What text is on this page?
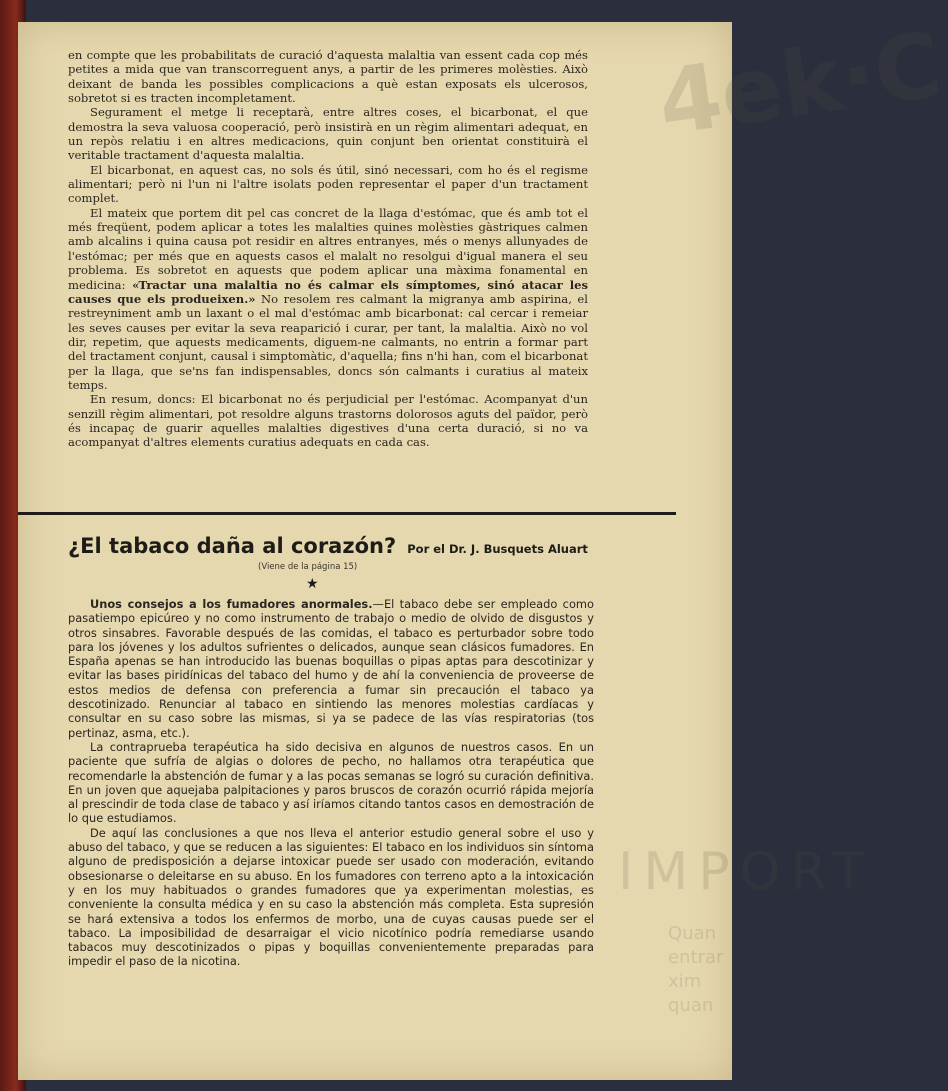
4ek·C
IMPORT
Quan
entrar
xim
quan

en compte que les probabilitats de curació d'aquesta malaltia van essent cada cop més petites a mida que van transcorreguent anys, a partir de les primeres molèsties. Això deixant de banda les possibles complicacions a què estan exposats els ulcerosos, sobretot si es tracten incompletament.

Segurament el metge li receptarà, entre altres coses, el bicarbonat, el que demostra la seva valuosa cooperació, però insistirà en un règim alimentari adequat, en un repòs relatiu i en altres medicacions, quin conjunt ben orientat constituirà el veritable tractament d'aquesta malaltia.

El bicarbonat, en aquest cas, no sols és útil, sinó necessari, com ho és el regisme alimentari; però ni l'un ni l'altre isolats poden representar el paper d'un tractament complet.

El mateix que portem dit pel cas concret de la llaga d'estómac, que és amb tot el més freqüent, podem aplicar a totes les malalties quines molèsties gàstriques calmen amb alcalins i quina causa pot residir en altres entranyes, més o menys allunyades de l'estómac; per més que en aquests casos el malalt no resolgui d'igual manera el seu problema. Es sobretot en aquests que podem aplicar una màxima fonamental en medicina: «Tractar una malaltia no és calmar els símptomes, sinó atacar les causes que els produeixen.» No resolem res calmant la migranya amb aspirina, el restreyniment amb un laxant o el mal d'estómac amb bicarbonat: cal cercar i remeiar les seves causes per evitar la seva reaparició i curar, per tant, la malaltia. Això no vol dir, repetim, que aquests medicaments, diguem-ne calmants, no entrin a formar part del tractament conjunt, causal i simptomàtic, d'aquella; fins n'hi han, com el bicarbonat per la llaga, que se'ns fan indispensables, doncs són calmants i curatius al mateix temps.

En resum, doncs: El bicarbonat no és perjudicial per l'estómac. Acompanyat d'un senzill règim alimentari, pot resoldre alguns trastorns dolorosos aguts del païdor, però és incapaç de guarir aquelles malalties digestives d'una certa duració, si no va acompanyat d'altres elements curatius adequats en cada cas.

¿El tabaco daña al corazón? Por el Dr. J. Busquets Aluart
(Viene de la página 15)
★

Unos consejos a los fumadores anormales.—El tabaco debe ser empleado como pasatiempo epicúreo y no como instrumento de trabajo o medio de olvido de disgustos y otros sinsabres. Favorable después de las comidas, el tabaco es perturbador sobre todo para los jóvenes y los adultos sufrientes o delicados, aunque sean clásicos fumadores. En España apenas se han introducido las buenas boquillas o pipas aptas para descotinizar y evitar las bases piridínicas del tabaco del humo y de ahí la conveniencia de proveerse de estos medios de defensa con preferencia a fumar sin precaución el tabaco ya descotinizado. Renunciar al tabaco en sintiendo las menores molestias cardíacas y consultar en su caso sobre las mismas, si ya se padece de las vías respiratorias (tos pertinaz, asma, etc.).

La contraprueba terapéutica ha sido decisiva en algunos de nuestros casos. En un paciente que sufría de algias o dolores de pecho, no hallamos otra terapéutica que recomendarle la abstención de fumar y a las pocas semanas se logró su curación definitiva. En un joven que aquejaba palpitaciones y paros bruscos de corazón ocurrió rápida mejoría al prescindir de toda clase de tabaco y así iríamos citando tantos casos en demostración de lo que estudiamos.

De aquí las conclusiones a que nos lleva el anterior estudio general sobre el uso y abuso del tabaco, y que se reducen a las siguientes: El tabaco en los individuos sin síntoma alguno de predisposición a dejarse intoxicar puede ser usado con moderación, evitando obsesionarse o deleitarse en su abuso. En los fumadores con terreno apto a la intoxicación y en los muy habituados o grandes fumadores que ya experimentan molestias, es conveniente la consulta médica y en su caso la abstención más completa. Esta supresión se hará extensiva a todos los enfermos de morbo, una de cuyas causas puede ser el tabaco. La imposibilidad de desarraigar el vicio nicotínico podría remediarse usando tabacos muy descotinizados o pipas y boquillas convenientemente preparadas para impedir el paso de la nicotina.
